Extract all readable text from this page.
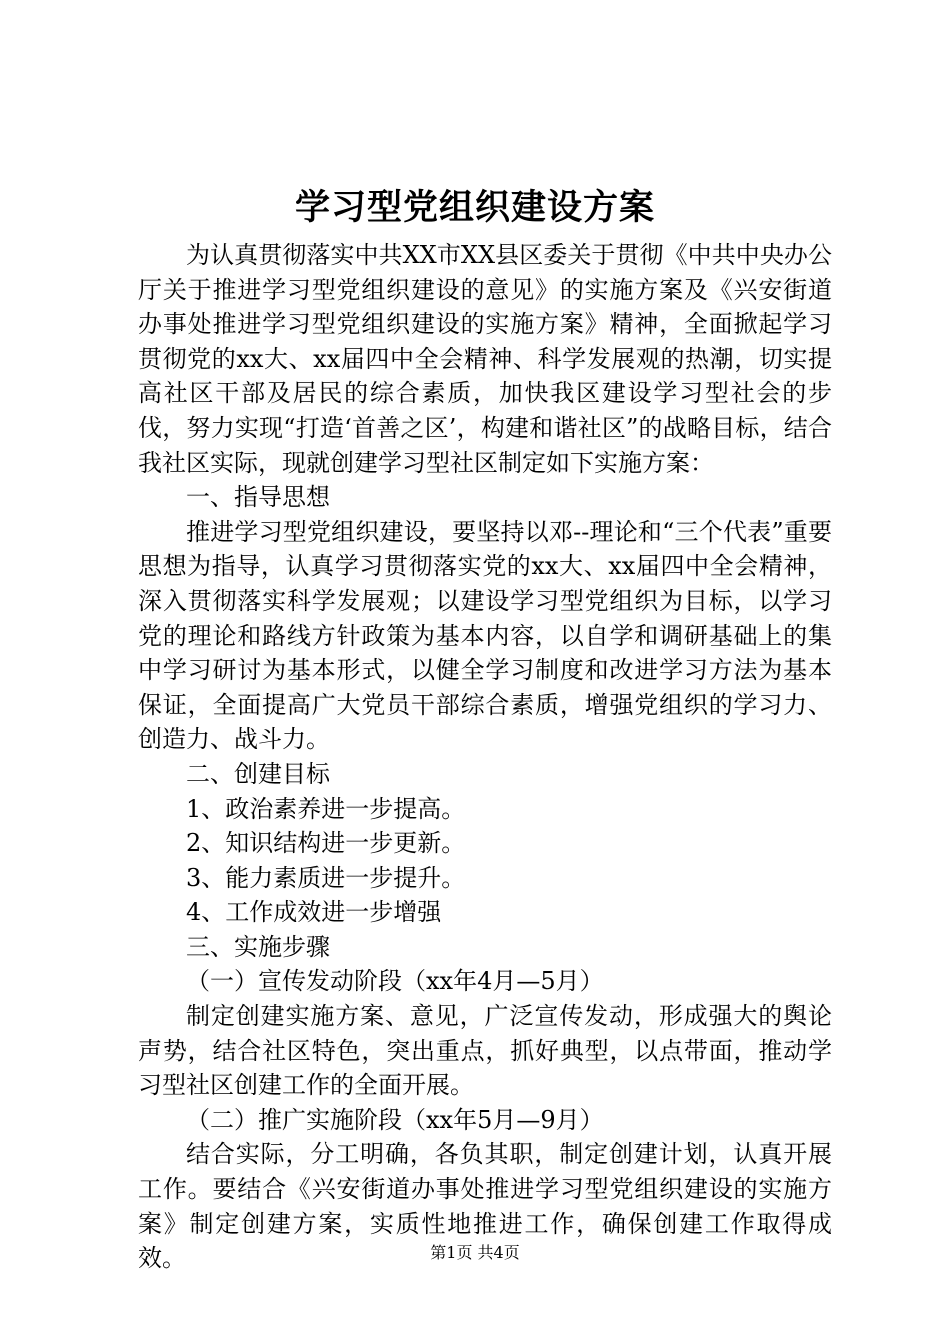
学习型党组织建设方案

为认真贯彻落实中共XX市XX县区委关于贯彻《中共中央办公厅关于推进学习型党组织建设的意见》的实施方案及《兴安街道办事处推进学习型党组织建设的实施方案》精神，全面掀起学习贯彻党的xx大、xx届四中全会精神、科学发展观的热潮，切实提高社区干部及居民的综合素质，加快我区建设学习型社会的步伐，努力实现“打造‘首善之区’，构建和谐社区”的战略目标，结合我社区实际，现就创建学习型社区制定如下实施方案：

一、指导思想

推进学习型党组织建设，要坚持以邓--理论和“三个代表”重要思想为指导，认真学习贯彻落实党的xx大、xx届四中全会精神，深入贯彻落实科学发展观；以建设学习型党组织为目标，以学习党的理论和路线方针政策为基本内容，以自学和调研基础上的集中学习研讨为基本形式，以健全学习制度和改进学习方法为基本保证，全面提高广大党员干部综合素质，增强党组织的学习力、创造力、战斗力。

二、创建目标

1、政治素养进一步提高。

2、知识结构进一步更新。

3、能力素质进一步提升。

4、工作成效进一步增强

三、实施步骤

（一）宣传发动阶段（xx年4月—5月）

制定创建实施方案、意见，广泛宣传发动，形成强大的舆论声势，结合社区特色，突出重点，抓好典型，以点带面，推动学习型社区创建工作的全面开展。

（二）推广实施阶段（xx年5月—9月）

结合实际，分工明确，各负其职，制定创建计划，认真开展工作。要结合《兴安街道办事处推进学习型党组织建设的实施方案》制定创建方案，实质性地推进工作，确保创建工作取得成效。	第1页 共4页
